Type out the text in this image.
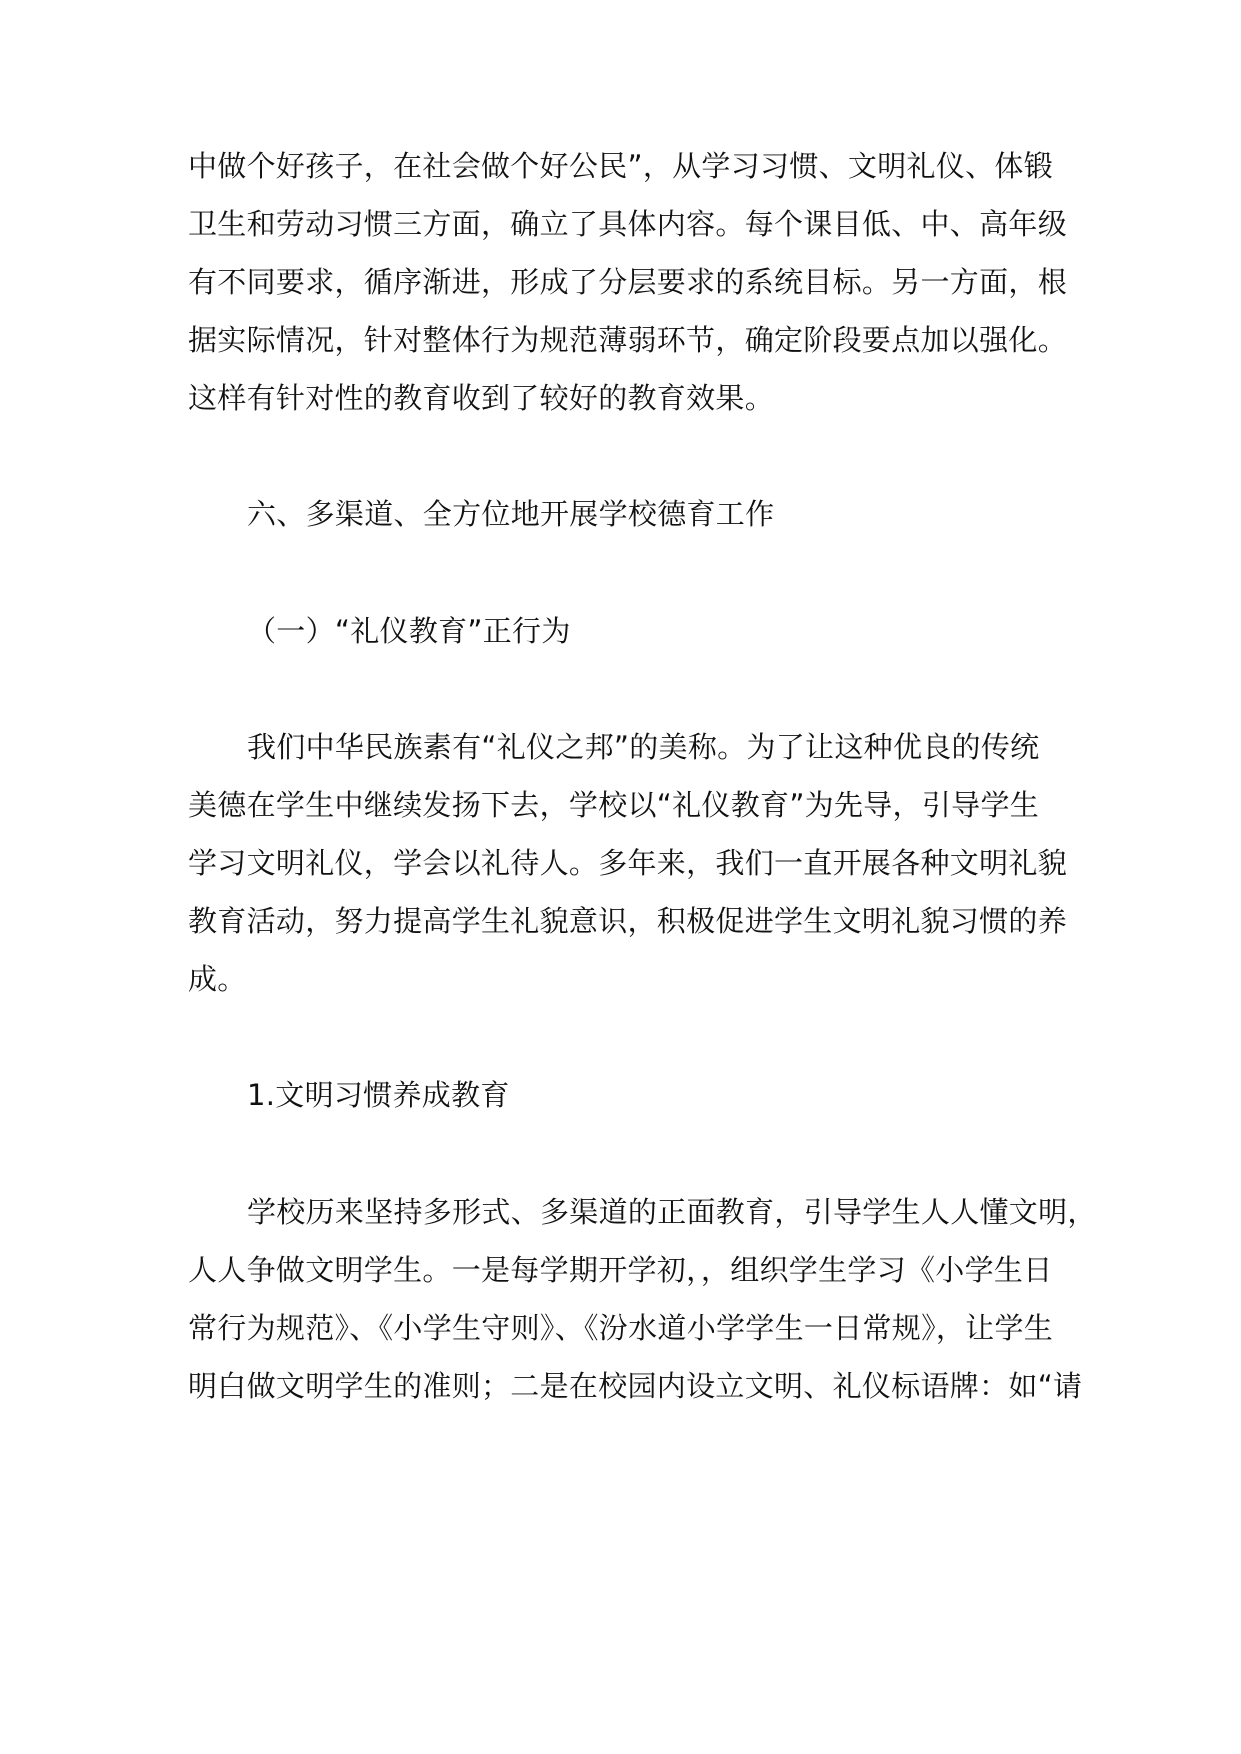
中做个好孩子，在社会做个好公民”，从学习习惯、文明礼仪、体锻
卫生和劳动习惯三方面，确立了具体内容。每个课目低、中、高年级
有不同要求，循序渐进，形成了分层要求的系统目标。另一方面，根
据实际情况，针对整体行为规范薄弱环节，确定阶段要点加以强化。
这样有针对性的教育收到了较好的教育效果。
六、多渠道、全方位地开展学校德育工作
（一）“礼仪教育”正行为
我们中华民族素有“礼仪之邦”的美称。为了让这种优良的传统
美德在学生中继续发扬下去，学校以“礼仪教育”为先导，引导学生
学习文明礼仪，学会以礼待人。多年来，我们一直开展各种文明礼貌
教育活动，努力提高学生礼貌意识，积极促进学生文明礼貌习惯的养
成。
1.文明习惯养成教育
学校历来坚持多形式、多渠道的正面教育，引导学生人人懂文明，
人人争做文明学生。一是每学期开学初，，组织学生学习《小学生日
常行为规范》、《小学生守则》、《汾水道小学学生一日常规》，让学生
明白做文明学生的准则；二是在校园内设立文明、礼仪标语牌：如“请
